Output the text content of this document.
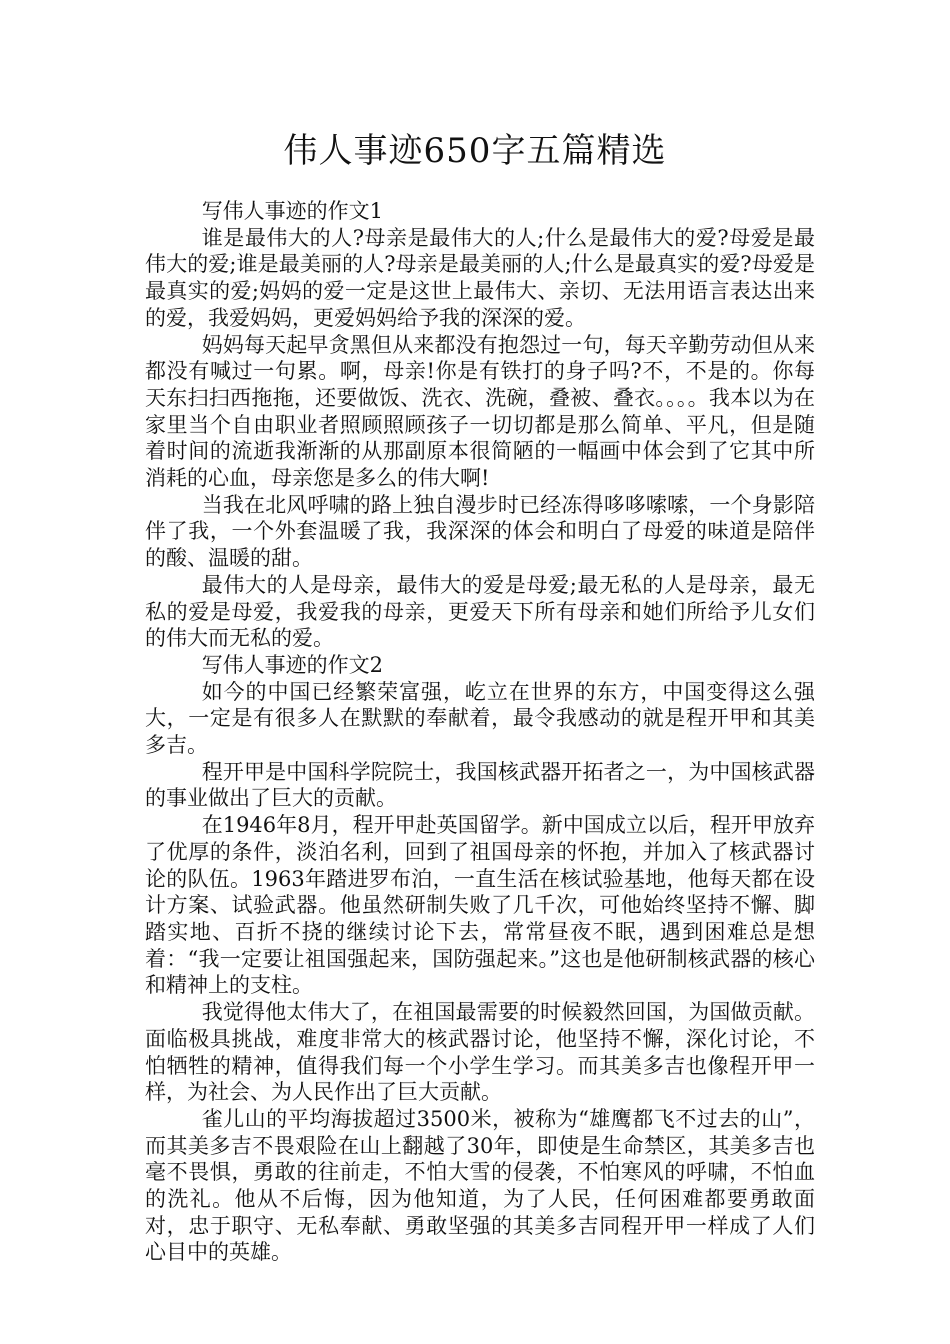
伟人事迹650字五篇精选

写伟人事迹的作文1

谁是最伟大的人?母亲是最伟大的人;什么是最伟大的爱?母爱是最伟大的爱;谁是最美丽的人?母亲是最美丽的人;什么是最真实的爱?母爱是最真实的爱;妈妈的爱一定是这世上最伟大、亲切、无法用语言表达出来的爱，我爱妈妈，更爱妈妈给予我的深深的爱。

妈妈每天起早贪黑但从来都没有抱怨过一句，每天辛勤劳动但从来都没有喊过一句累。啊，母亲!你是有铁打的身子吗?不，不是的。你每天东扫扫西拖拖，还要做饭、洗衣、洗碗，叠被、叠衣。。。。我本以为在家里当个自由职业者照顾照顾孩子一切切都是那么简单、平凡，但是随着时间的流逝我渐渐的从那副原本很简陋的一幅画中体会到了它其中所消耗的心血，母亲您是多么的伟大啊!

当我在北风呼啸的路上独自漫步时已经冻得哆哆嗦嗦，一个身影陪伴了我，一个外套温暖了我，我深深的体会和明白了母爱的味道是陪伴的酸、温暖的甜。

最伟大的人是母亲，最伟大的爱是母爱;最无私的人是母亲，最无私的爱是母爱，我爱我的母亲，更爱天下所有母亲和她们所给予儿女们的伟大而无私的爱。

写伟人事迹的作文2

如今的中国已经繁荣富强，屹立在世界的东方，中国变得这么强大，一定是有很多人在默默的奉献着，最令我感动的就是程开甲和其美多吉。

程开甲是中国科学院院士，我国核武器开拓者之一，为中国核武器的事业做出了巨大的贡献。

在1946年8月，程开甲赴英国留学。新中国成立以后，程开甲放弃了优厚的条件，淡泊名利，回到了祖国母亲的怀抱，并加入了核武器讨论的队伍。1963年踏进罗布泊，一直生活在核试验基地，他每天都在设计方案、试验武器。他虽然研制失败了几千次，可他始终坚持不懈、脚踏实地、百折不挠的继续讨论下去，常常昼夜不眠，遇到困难总是想着：“我一定要让祖国强起来，国防强起来。”这也是他研制核武器的核心和精神上的支柱。

我觉得他太伟大了，在祖国最需要的时候毅然回国，为国做贡献。面临极具挑战，难度非常大的核武器讨论，他坚持不懈，深化讨论，不怕牺牲的精神，值得我们每一个小学生学习。而其美多吉也像程开甲一样，为社会、为人民作出了巨大贡献。

雀儿山的平均海拔超过3500米，被称为“雄鹰都飞不过去的山”，而其美多吉不畏艰险在山上翻越了30年，即使是生命禁区，其美多吉也毫不畏惧，勇敢的往前走，不怕大雪的侵袭，不怕寒风的呼啸，不怕血的洗礼。他从不后悔，因为他知道，为了人民，任何困难都要勇敢面对，忠于职守、无私奉献、勇敢坚强的其美多吉同程开甲一样成了人们心目中的英雄。
